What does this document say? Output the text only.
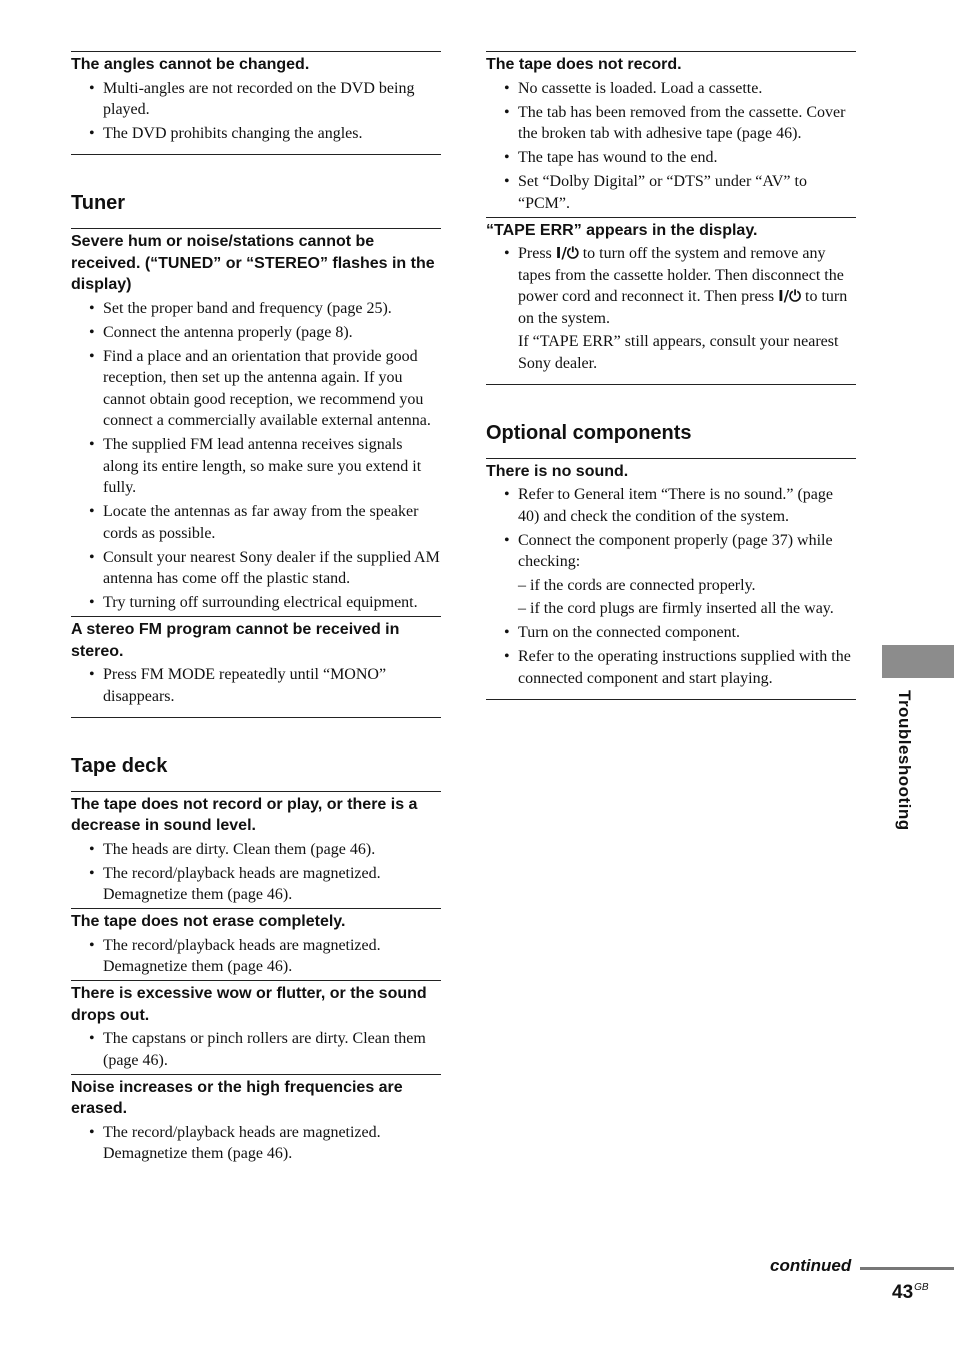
The angles cannot be changed.
• Multi-angles are not recorded on the DVD being played.
• The DVD prohibits changing the angles.
Tuner
Severe hum or noise/stations cannot be received. (“TUNED” or “STEREO” flashes in the display)
• Set the proper band and frequency (page 25).
• Connect the antenna properly (page 8).
• Find a place and an orientation that provide good reception, then set up the antenna again. If you cannot obtain good reception, we recommend you connect a commercially available external antenna.
• The supplied FM lead antenna receives signals along its entire length, so make sure you extend it fully.
• Locate the antennas as far away from the speaker cords as possible.
• Consult your nearest Sony dealer if the supplied AM antenna has come off the plastic stand.
• Try turning off surrounding electrical equipment.
A stereo FM program cannot be received in stereo.
• Press FM MODE repeatedly until “MONO” disappears.
Tape deck
The tape does not record or play, or there is a decrease in sound level.
• The heads are dirty. Clean them (page 46).
• The record/playback heads are magnetized. Demagnetize them (page 46).
The tape does not erase completely.
• The record/playback heads are magnetized. Demagnetize them (page 46).
There is excessive wow or flutter, or the sound drops out.
• The capstans or pinch rollers are dirty. Clean them (page 46).
Noise increases or the high frequencies are erased.
• The record/playback heads are magnetized. Demagnetize them (page 46).
The tape does not record.
• No cassette is loaded. Load a cassette.
• The tab has been removed from the cassette. Cover the broken tab with adhesive tape (page 46).
• The tape has wound to the end.
• Set “Dolby Digital” or “DTS” under “AV” to “PCM”.
“TAPE ERR” appears in the display.
• Press I/⏻ to turn off the system and remove any tapes from the cassette holder. Then disconnect the power cord and reconnect it. Then press I/⏻ to turn on the system.
If “TAPE ERR” still appears, consult your nearest Sony dealer.
Optional components
There is no sound.
• Refer to General item “There is no sound.” (page 40) and check the condition of the system.
• Connect the component properly (page 37) while checking:
– if the cords are connected properly.
– if the cord plugs are firmly inserted all the way.
• Turn on the connected component.
• Refer to the operating instructions supplied with the connected component and start playing.
Troubleshooting
continued
$43^{GB}$
